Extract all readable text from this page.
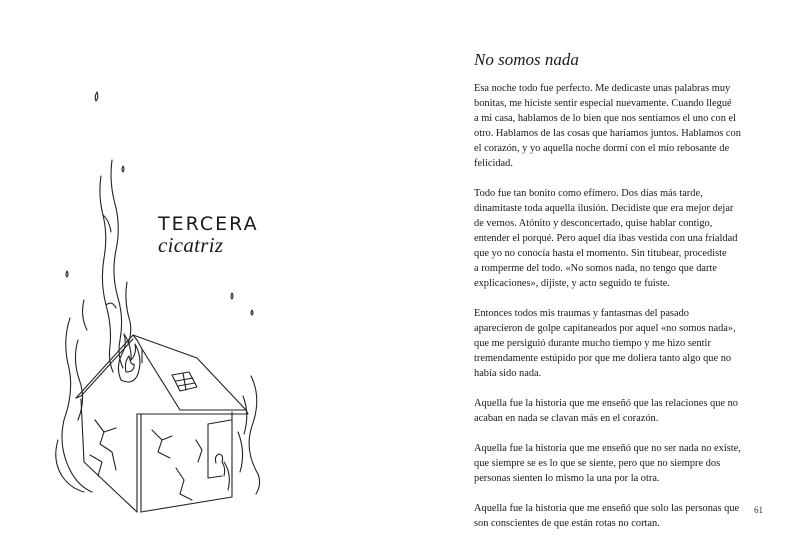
TERCERA
cicatriz
No somos nada

Esa noche todo fue perfecto. Me dedicaste unas palabras muy
bonitas, me hiciste sentir especial nuevamente. Cuando llegué
a mi casa, hablamos de lo bien que nos sentíamos el uno con el
otro. Hablamos de las cosas que haríamos juntos. Hablamos con
el corazón, y yo aquella noche dormí con el mío rebosante de
felicidad.

Todo fue tan bonito como efímero. Dos días más tarde,
dinamitaste toda aquella ilusión. Decidiste que era mejor dejar
de vernos. Atónito y desconcertado, quise hablar contigo,
entender el porqué. Pero aquel día ibas vestida con una frialdad
que yo no conocía hasta el momento. Sin titubear, procediste
a romperme del todo. «No somos nada, no tengo que darte
explicaciones», dijiste, y acto seguido te fuiste.

Entonces todos mis traumas y fantasmas del pasado
aparecieron de golpe capitaneados por aquel «no somos nada»,
que me persiguió durante mucho tiempo y me hizo sentir
tremendamente estúpido por que me doliera tanto algo que no
había sido nada.

Aquella fue la historia que me enseñó que las relaciones que no
acaban en nada se clavan más en el corazón.

Aquella fue la historia que me enseñó que no ser nada no existe,
que siempre se es lo que se siente, pero que no siempre dos
personas sienten lo mismo la una por la otra.

Aquella fue la historia que me enseñó que solo las personas que
son conscientes de que están rotas no cortan.

61
